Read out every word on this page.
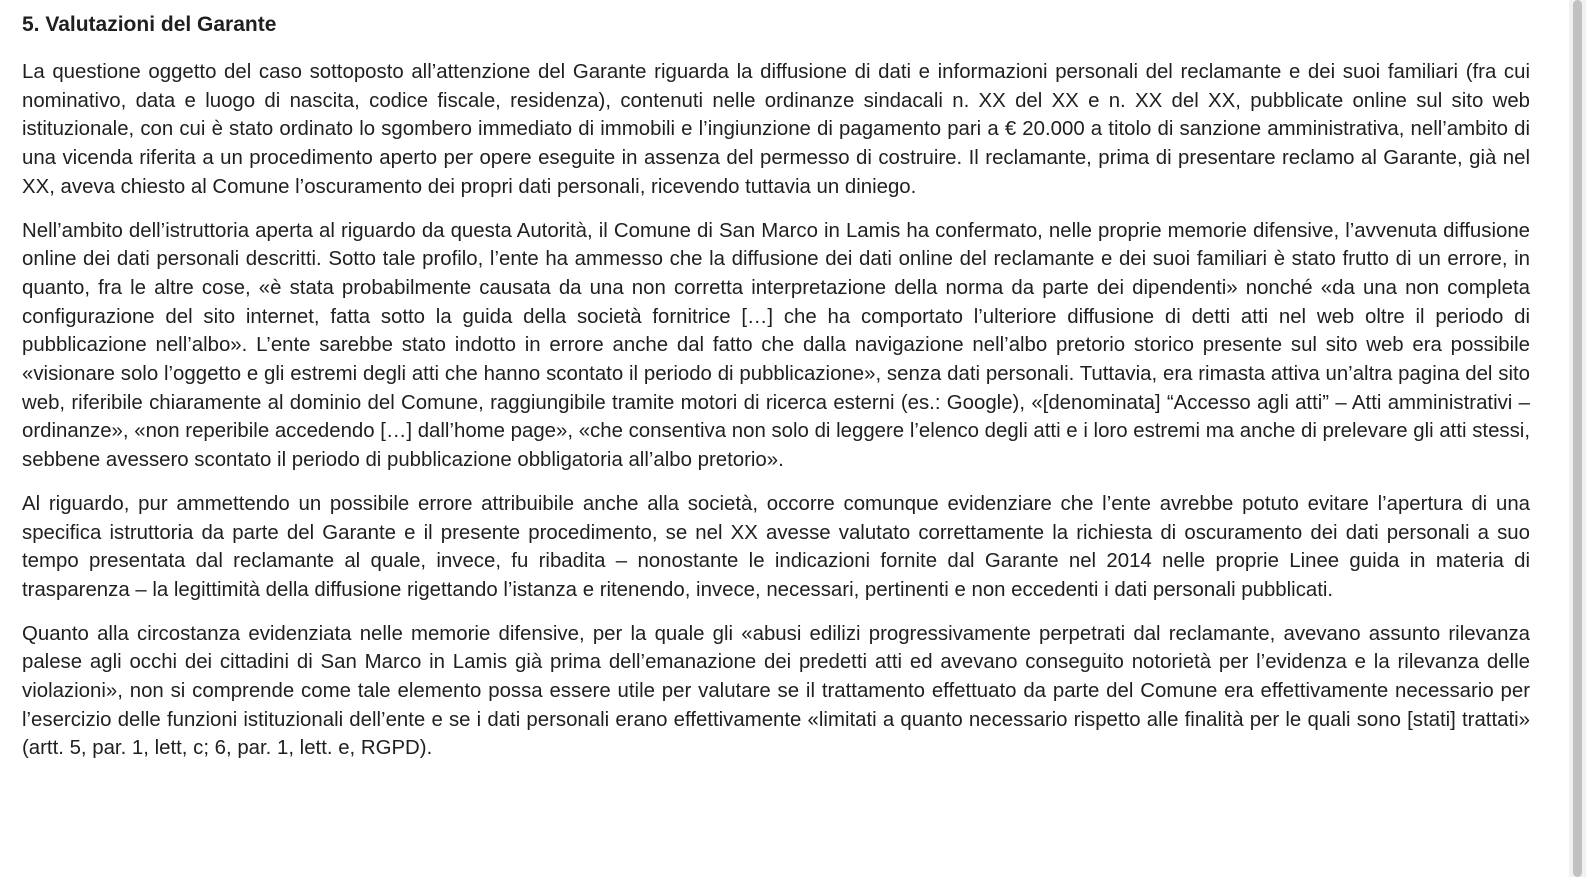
5. Valutazioni del Garante

La questione oggetto del caso sottoposto all’attenzione del Garante riguarda la diffusione di dati e informazioni personali del reclamante e dei suoi familiari (fra cui nominativo, data e luogo di nascita, codice fiscale, residenza), contenuti nelle ordinanze sindacali n. XX del XX e n. XX del XX, pubblicate online sul sito web istituzionale, con cui è stato ordinato lo sgombero immediato di immobili e l’ingiunzione di pagamento pari a € 20.000 a titolo di sanzione amministrativa, nell’ambito di una vicenda riferita a un procedimento aperto per opere eseguite in assenza del permesso di costruire. Il reclamante, prima di presentare reclamo al Garante, già nel XX, aveva chiesto al Comune l’oscuramento dei propri dati personali, ricevendo tuttavia un diniego.

Nell’ambito dell’istruttoria aperta al riguardo da questa Autorità, il Comune di San Marco in Lamis ha confermato, nelle proprie memorie difensive, l’avvenuta diffusione online dei dati personali descritti. Sotto tale profilo, l’ente ha ammesso che la diffusione dei dati online del reclamante e dei suoi familiari è stato frutto di un errore, in quanto, fra le altre cose, «è stata probabilmente causata da una non corretta interpretazione della norma da parte dei dipendenti» nonché «da una non completa configurazione del sito internet, fatta sotto la guida della società fornitrice […] che ha comportato l’ulteriore diffusione di detti atti nel web oltre il periodo di pubblicazione nell’albo». L’ente sarebbe stato indotto in errore anche dal fatto che dalla navigazione nell’albo pretorio storico presente sul sito web era possibile «visionare solo l’oggetto e gli estremi degli atti che hanno scontato il periodo di pubblicazione», senza dati personali. Tuttavia, era rimasta attiva un’altra pagina del sito web, riferibile chiaramente al dominio del Comune, raggiungibile tramite motori di ricerca esterni (es.: Google), «[denominata] “Accesso agli atti” – Atti amministrativi – ordinanze», «non reperibile accedendo […] dall’home page», «che consentiva non solo di leggere l’elenco degli atti e i loro estremi ma anche di prelevare gli atti stessi, sebbene avessero scontato il periodo di pubblicazione obbligatoria all’albo pretorio».

Al riguardo, pur ammettendo un possibile errore attribuibile anche alla società, occorre comunque evidenziare che l’ente avrebbe potuto evitare l’apertura di una specifica istruttoria da parte del Garante e il presente procedimento, se nel XX avesse valutato correttamente la richiesta di oscuramento dei dati personali a suo tempo presentata dal reclamante al quale, invece, fu ribadita – nonostante le indicazioni fornite dal Garante nel 2014 nelle proprie Linee guida in materia di trasparenza – la legittimità della diffusione rigettando l’istanza e ritenendo, invece, necessari, pertinenti e non eccedenti i dati personali pubblicati.

Quanto alla circostanza evidenziata nelle memorie difensive, per la quale gli «abusi edilizi progressivamente perpetrati dal reclamante, avevano assunto rilevanza palese agli occhi dei cittadini di San Marco in Lamis già prima dell’emanazione dei predetti atti ed avevano conseguito notorietà per l’evidenza e la rilevanza delle violazioni», non si comprende come tale elemento possa essere utile per valutare se il trattamento effettuato da parte del Comune era effettivamente necessario per l’esercizio delle funzioni istituzionali dell’ente e se i dati personali erano effettivamente «limitati a quanto necessario rispetto alle finalità per le quali sono [stati] trattati» (artt. 5, par. 1, lett, c; 6, par. 1, lett. e, RGPD).
